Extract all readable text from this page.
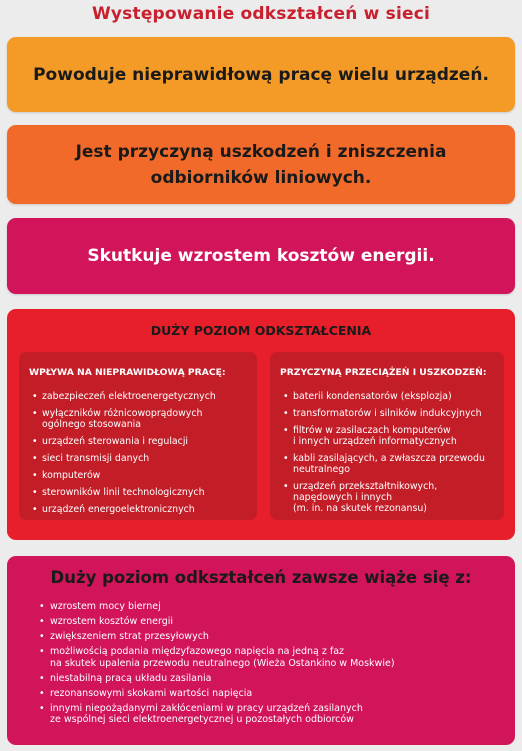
Występowanie odkształceń w sieci
Powoduje nieprawidłową pracę wielu urządzeń.
Jest przyczyną uszkodzeń i zniszczenia
odbiorników liniowych.
Skutkuje wzrostem kosztów energii.
DUŻY POZIOM ODKSZTAŁCENIA
WPŁYWA NA NIEPRAWIDŁOWĄ PRACĘ:
• zabezpieczeń elektroenergetycznych
• wyłączników różnicowoprądowych
ogólnego stosowania
• urządzeń sterowania i regulacji
• sieci transmisji danych
• komputerów
• sterowników linii technologicznych
• urządzeń energoelektronicznych
PRZYCZYNĄ PRZECIĄŻEŃ I USZKODZEŃ:
• baterii kondensatorów (eksplozja)
• transformatorów i silników indukcyjnych
• filtrów w zasilaczach komputerów
i innych urządzeń informatycznych
• kabli zasilających, a zwłaszcza przewodu
neutralnego
• urządzeń przekształtnikowych,
napędowych i innych
(m. in. na skutek rezonansu)
Duży poziom odkształceń zawsze wiąże się z:
• wzrostem mocy biernej
• wzrostem kosztów energii
• zwiększeniem strat przesyłowych
• możliwością podania międzyfazowego napięcia na jedną z faz
na skutek upalenia przewodu neutralnego (Wieża Ostankino w Moskwie)
• niestabilną pracą układu zasilania
• rezonansowymi skokami wartości napięcia
• innymi niepożądanymi zakłóceniami w pracy urządzeń zasilanych
ze wspólnej sieci elektroenergetycznej u pozostałych odbiorców
